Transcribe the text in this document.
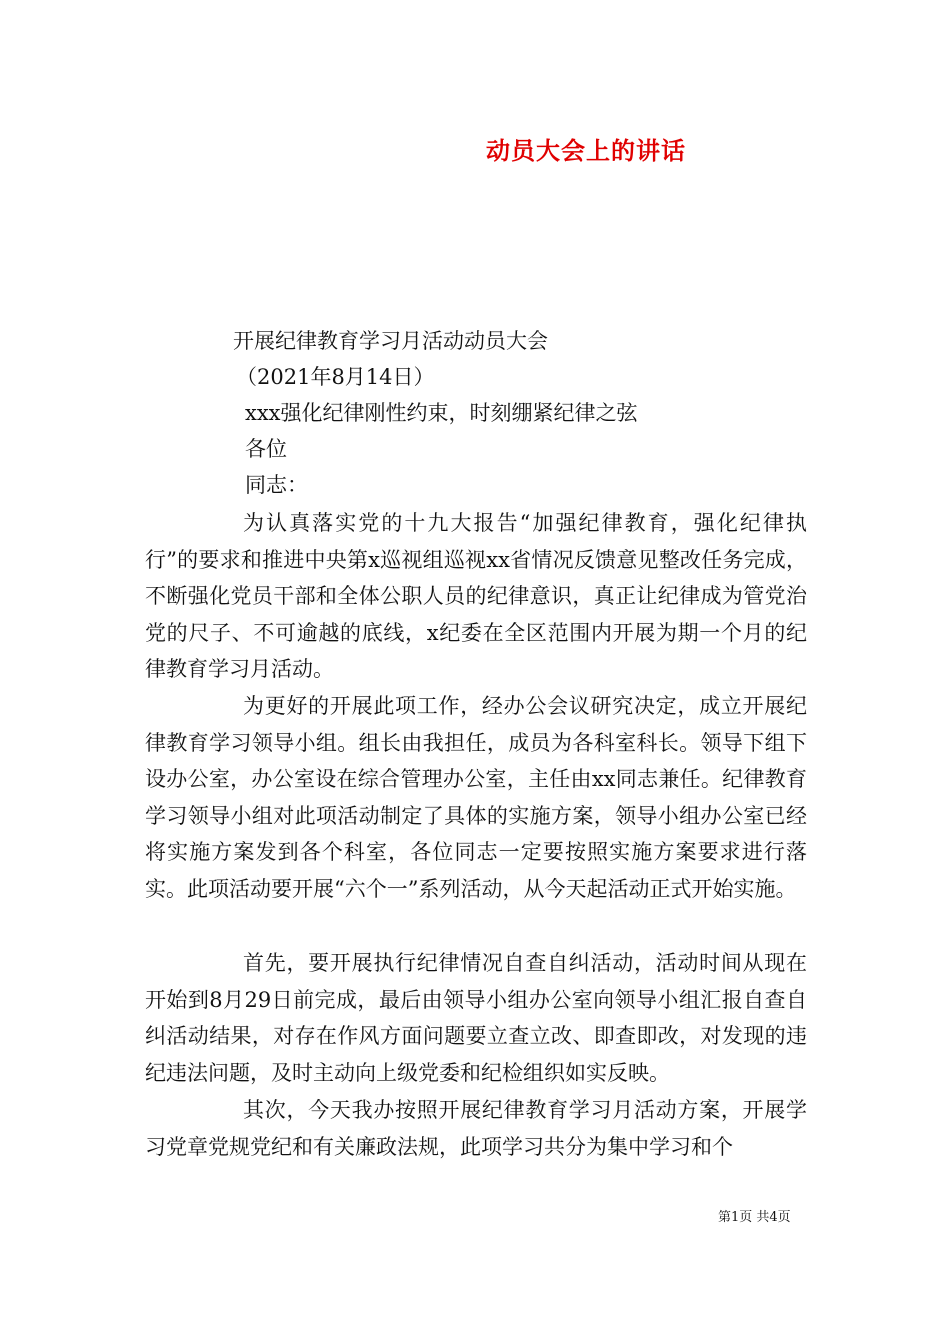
动员大会上的讲话
开展纪律教育学习月活动动员大会
（2021年8月14日）
xxx强化纪律刚性约束，时刻绷紧纪律之弦
各位
同志：

为认真落实党的十九大报告“加强纪律教育，强化纪律执行”的要求和推进中央第x巡视组巡视xx省情况反馈意见整改任务完成，不断强化党员干部和全体公职人员的纪律意识，真正让纪律成为管党治党的尺子、不可逾越的底线，x纪委在全区范围内开展为期一个月的纪律教育学习月活动。

为更好的开展此项工作，经办公会议研究决定，成立开展纪律教育学习领导小组。组长由我担任，成员为各科室科长。领导下组下设办公室，办公室设在综合管理办公室，主任由xx同志兼任。纪律教育学习领导小组对此项活动制定了具体的实施方案，领导小组办公室已经将实施方案发到各个科室，各位同志一定要按照实施方案要求进行落实。此项活动要开展“六个一”系列活动，从今天起活动正式开始实施。

首先，要开展执行纪律情况自查自纠活动，活动时间从现在开始到8月29日前完成，最后由领导小组办公室向领导小组汇报自查自纠活动结果，对存在作风方面问题要立查立改、即查即改，对发现的违纪违法问题，及时主动向上级党委和纪检组织如实反映。

其次，今天我办按照开展纪律教育学习月活动方案，开展学习党章党规党纪和有关廉政法规，此项学习共分为集中学习和个

第1页 共4页
